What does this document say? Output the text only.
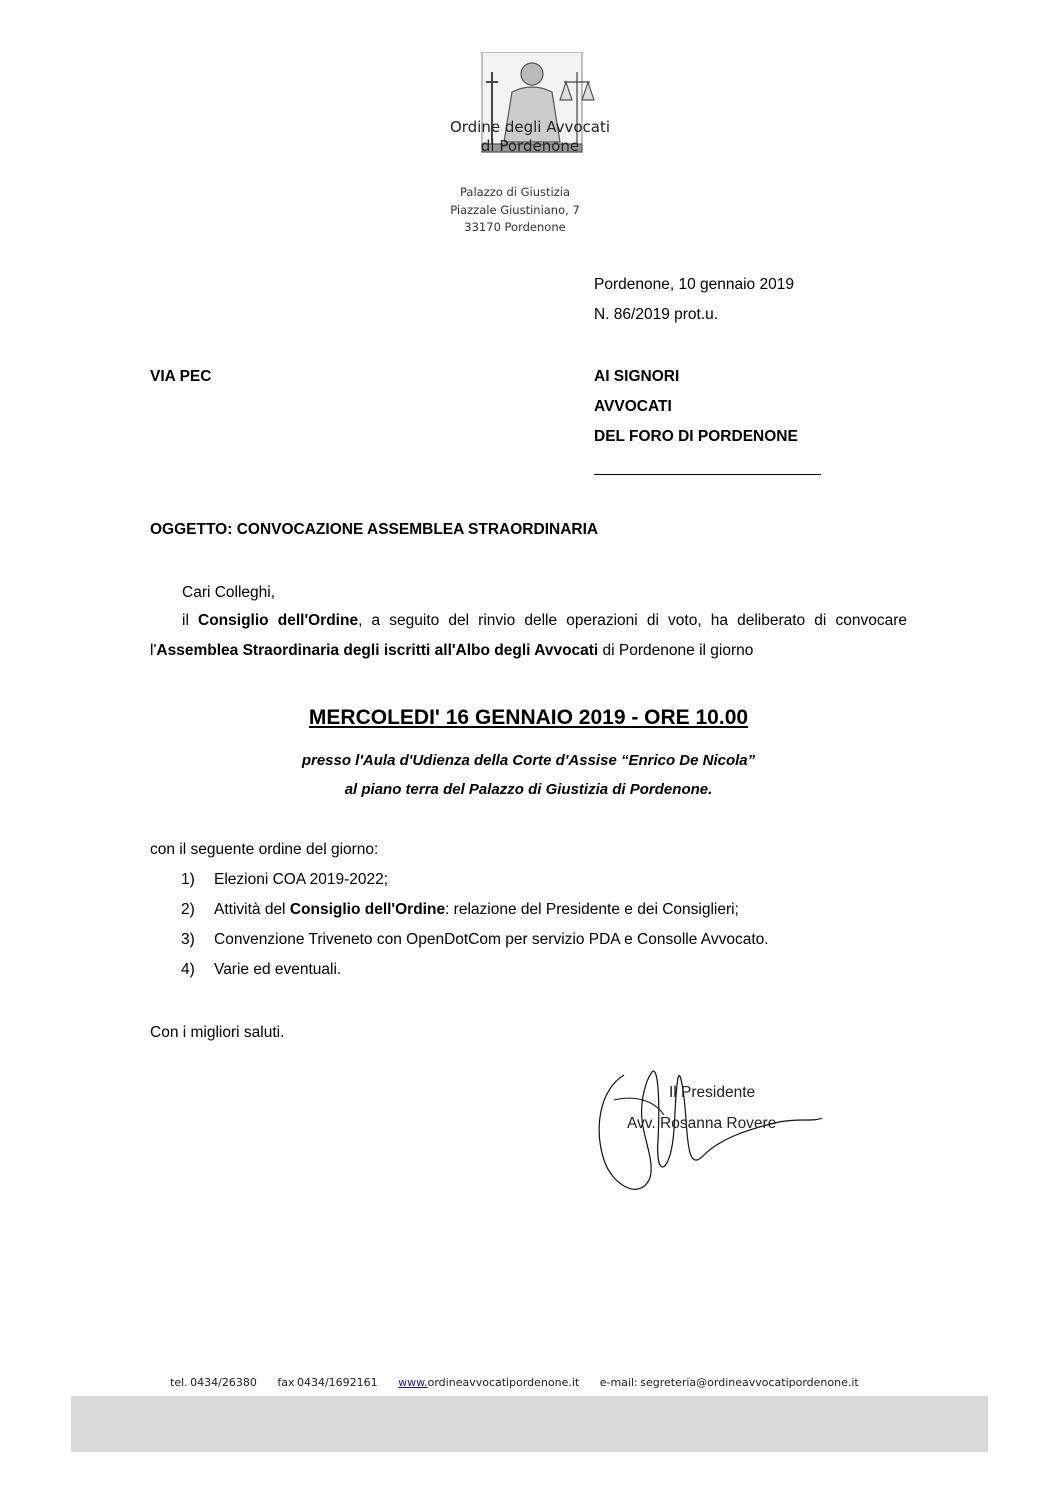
Ordine degli Avvocati
di Pordenone
Palazzo di Giustizia
Piazzale Giustiniano, 7
33170 Pordenone
Pordenone, 10 gennaio 2019
N. 86/2019 prot.u.
VIA PEC	AI SIGNORI
AVVOCATI
DEL FORO DI PORDENONE
OGGETTO: CONVOCAZIONE ASSEMBLEA STRAORDINARIA
Cari Colleghi,
il Consiglio dell'Ordine, a seguito del rinvio delle operazioni di voto, ha deliberato di convocare l'Assemblea Straordinaria degli iscritti all'Albo degli Avvocati di Pordenone il giorno
MERCOLEDI' 16 GENNAIO 2019 - ORE 10.00
presso l'Aula d'Udienza della Corte d'Assise “Enrico De Nicola”
al piano terra del Palazzo di Giustizia di Pordenone.
con il seguente ordine del giorno:
1) Elezioni COA 2019-2022;
2) Attività del Consiglio dell'Ordine: relazione del Presidente e dei Consiglieri;
3) Convenzione Triveneto con OpenDotCom per servizio PDA e Consolle Avvocato.
4) Varie ed eventuali.
Con i migliori saluti.
Il Presidente
Avv. Rosanna Rovere
tel. 0434/26380 fax 0434/1692161 www.ordineavvocatipordenone.it e-mail: segreteria@ordineavvocatipordenone.it
